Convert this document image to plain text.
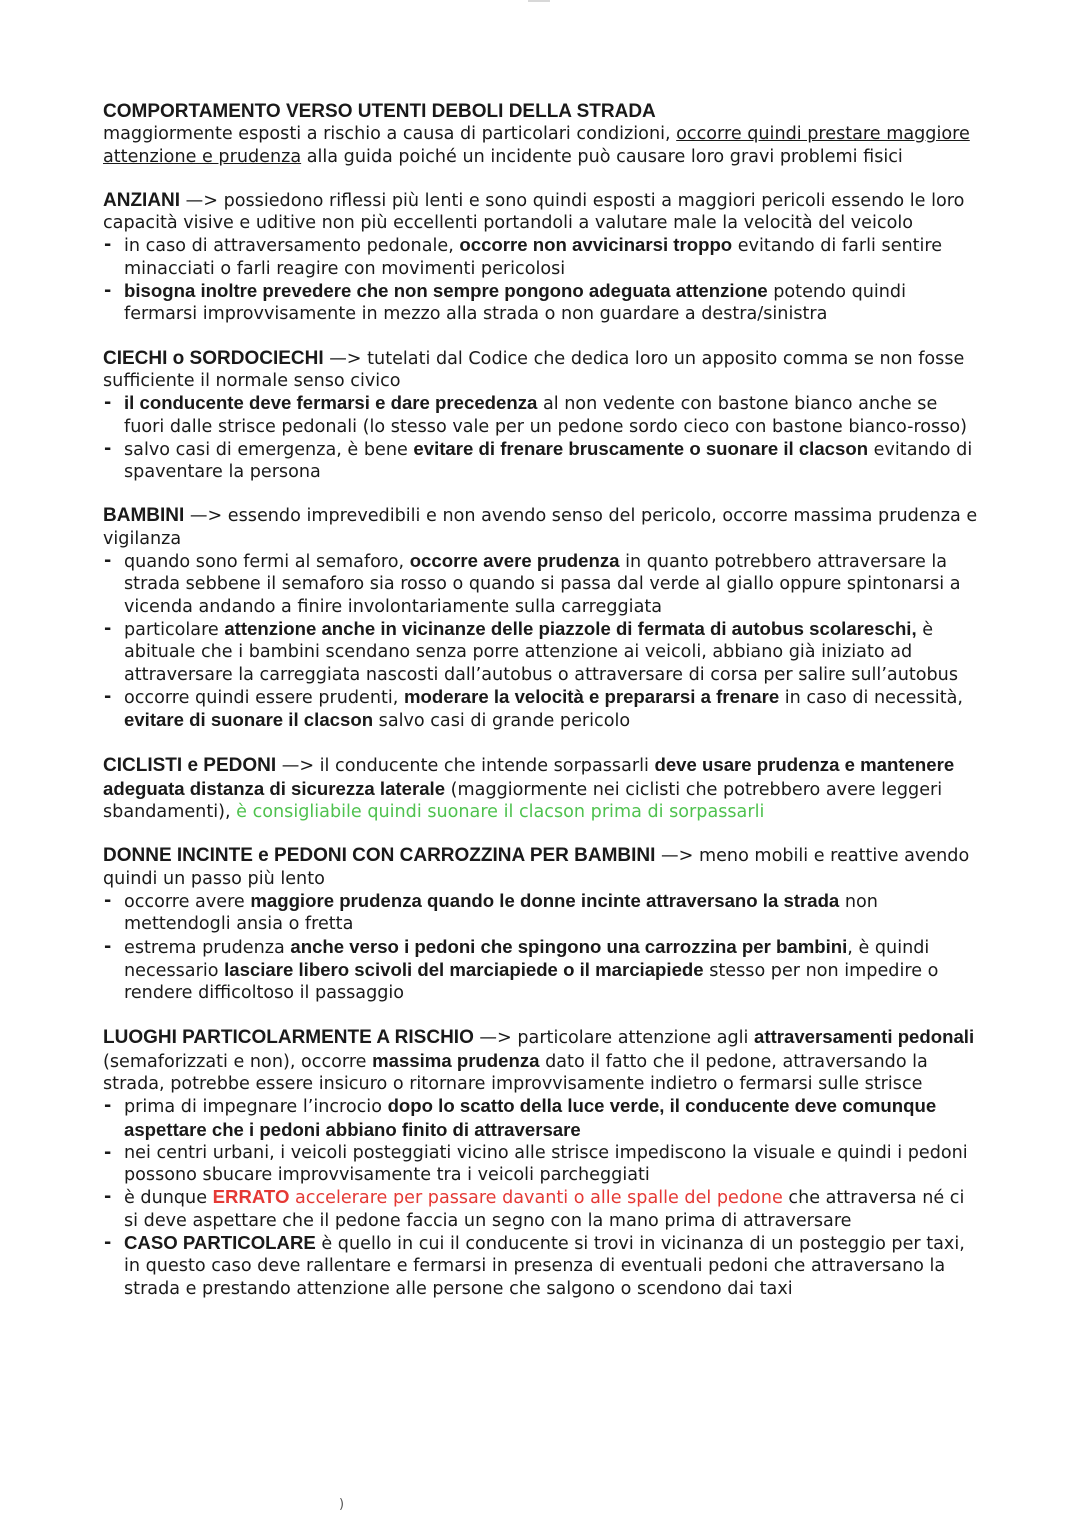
COMPORTAMENTO VERSO UTENTI DEBOLI DELLA STRADA
maggiormente esposti a rischio a causa di particolari condizioni, occorre quindi prestare maggiore attenzione e prudenza alla guida poiché un incidente può causare loro gravi problemi fisici
ANZIANI —> possiedono riflessi più lenti e sono quindi esposti a maggiori pericoli essendo le loro capacità visive e uditive non più eccellenti portandoli a valutare male la velocità del veicolo
- in caso di attraversamento pedonale, occorre non avvicinarsi troppo evitando di farli sentire minacciati o farli reagire con movimenti pericolosi
- bisogna inoltre prevedere che non sempre pongono adeguata attenzione potendo quindi fermarsi improvvisamente in mezzo alla strada o non guardare a destra/sinistra
CIECHI o SORDOCIECHI —> tutelati dal Codice che dedica loro un apposito comma se non fosse sufficiente il normale senso civico
- il conducente deve fermarsi e dare precedenza al non vedente con bastone bianco anche se fuori dalle strisce pedonali (lo stesso vale per un pedone sordo cieco con bastone bianco-rosso)
- salvo casi di emergenza, è bene evitare di frenare bruscamente o suonare il clacson evitando di spaventare la persona
BAMBINI —> essendo imprevedibili e non avendo senso del pericolo, occorre massima prudenza e vigilanza
- quando sono fermi al semaforo, occorre avere prudenza in quanto potrebbero attraversare la strada sebbene il semaforo sia rosso o quando si passa dal verde al giallo oppure spintonarsi a vicenda andando a finire involontariamente sulla carreggiata
- particolare attenzione anche in vicinanze delle piazzole di fermata di autobus scolareschi, è abituale che i bambini scendano senza porre attenzione ai veicoli, abbiano già iniziato ad attraversare la carreggiata nascosti dall’autobus o attraversare di corsa per salire sull’autobus
- occorre quindi essere prudenti, moderare la velocità e prepararsi a frenare in caso di necessità, evitare di suonare il clacson salvo casi di grande pericolo
CICLISTI e PEDONI —> il conducente che intende sorpassarli deve usare prudenza e mantenere adeguata distanza di sicurezza laterale (maggiormente nei ciclisti che potrebbero avere leggeri sbandamenti), è consigliabile quindi suonare il clacson prima di sorpassarli
DONNE INCINTE e PEDONI CON CARROZZINA PER BAMBINI —> meno mobili e reattive avendo quindi un passo più lento
- occorre avere maggiore prudenza quando le donne incinte attraversano la strada non mettendogli ansia o fretta
- estrema prudenza anche verso i pedoni che spingono una carrozzina per bambini, è quindi necessario lasciare libero scivoli del marciapiede o il marciapiede stesso per non impedire o rendere difficoltoso il passaggio
LUOGHI PARTICOLARMENTE A RISCHIO —> particolare attenzione agli attraversamenti pedonali (semaforizzati e non), occorre massima prudenza dato il fatto che il pedone, attraversando la strada, potrebbe essere insicuro o ritornare improvvisamente indietro o fermarsi sulle strisce
- prima di impegnare l’incrocio dopo lo scatto della luce verde, il conducente deve comunque aspettare che i pedoni abbiano finito di attraversare
- nei centri urbani, i veicoli posteggiati vicino alle strisce impediscono la visuale e quindi i pedoni possono sbucare improvvisamente tra i veicoli parcheggiati
- è dunque ERRATO accelerare per passare davanti o alle spalle del pedone che attraversa né ci si deve aspettare che il pedone faccia un segno con la mano prima di attraversare
- CASO PARTICOLARE è quello in cui il conducente si trovi in vicinanza di un posteggio per taxi, in questo caso deve rallentare e fermarsi in presenza di eventuali pedoni che attraversano la strada e prestando attenzione alle persone che salgono o scendono dai taxi
)
